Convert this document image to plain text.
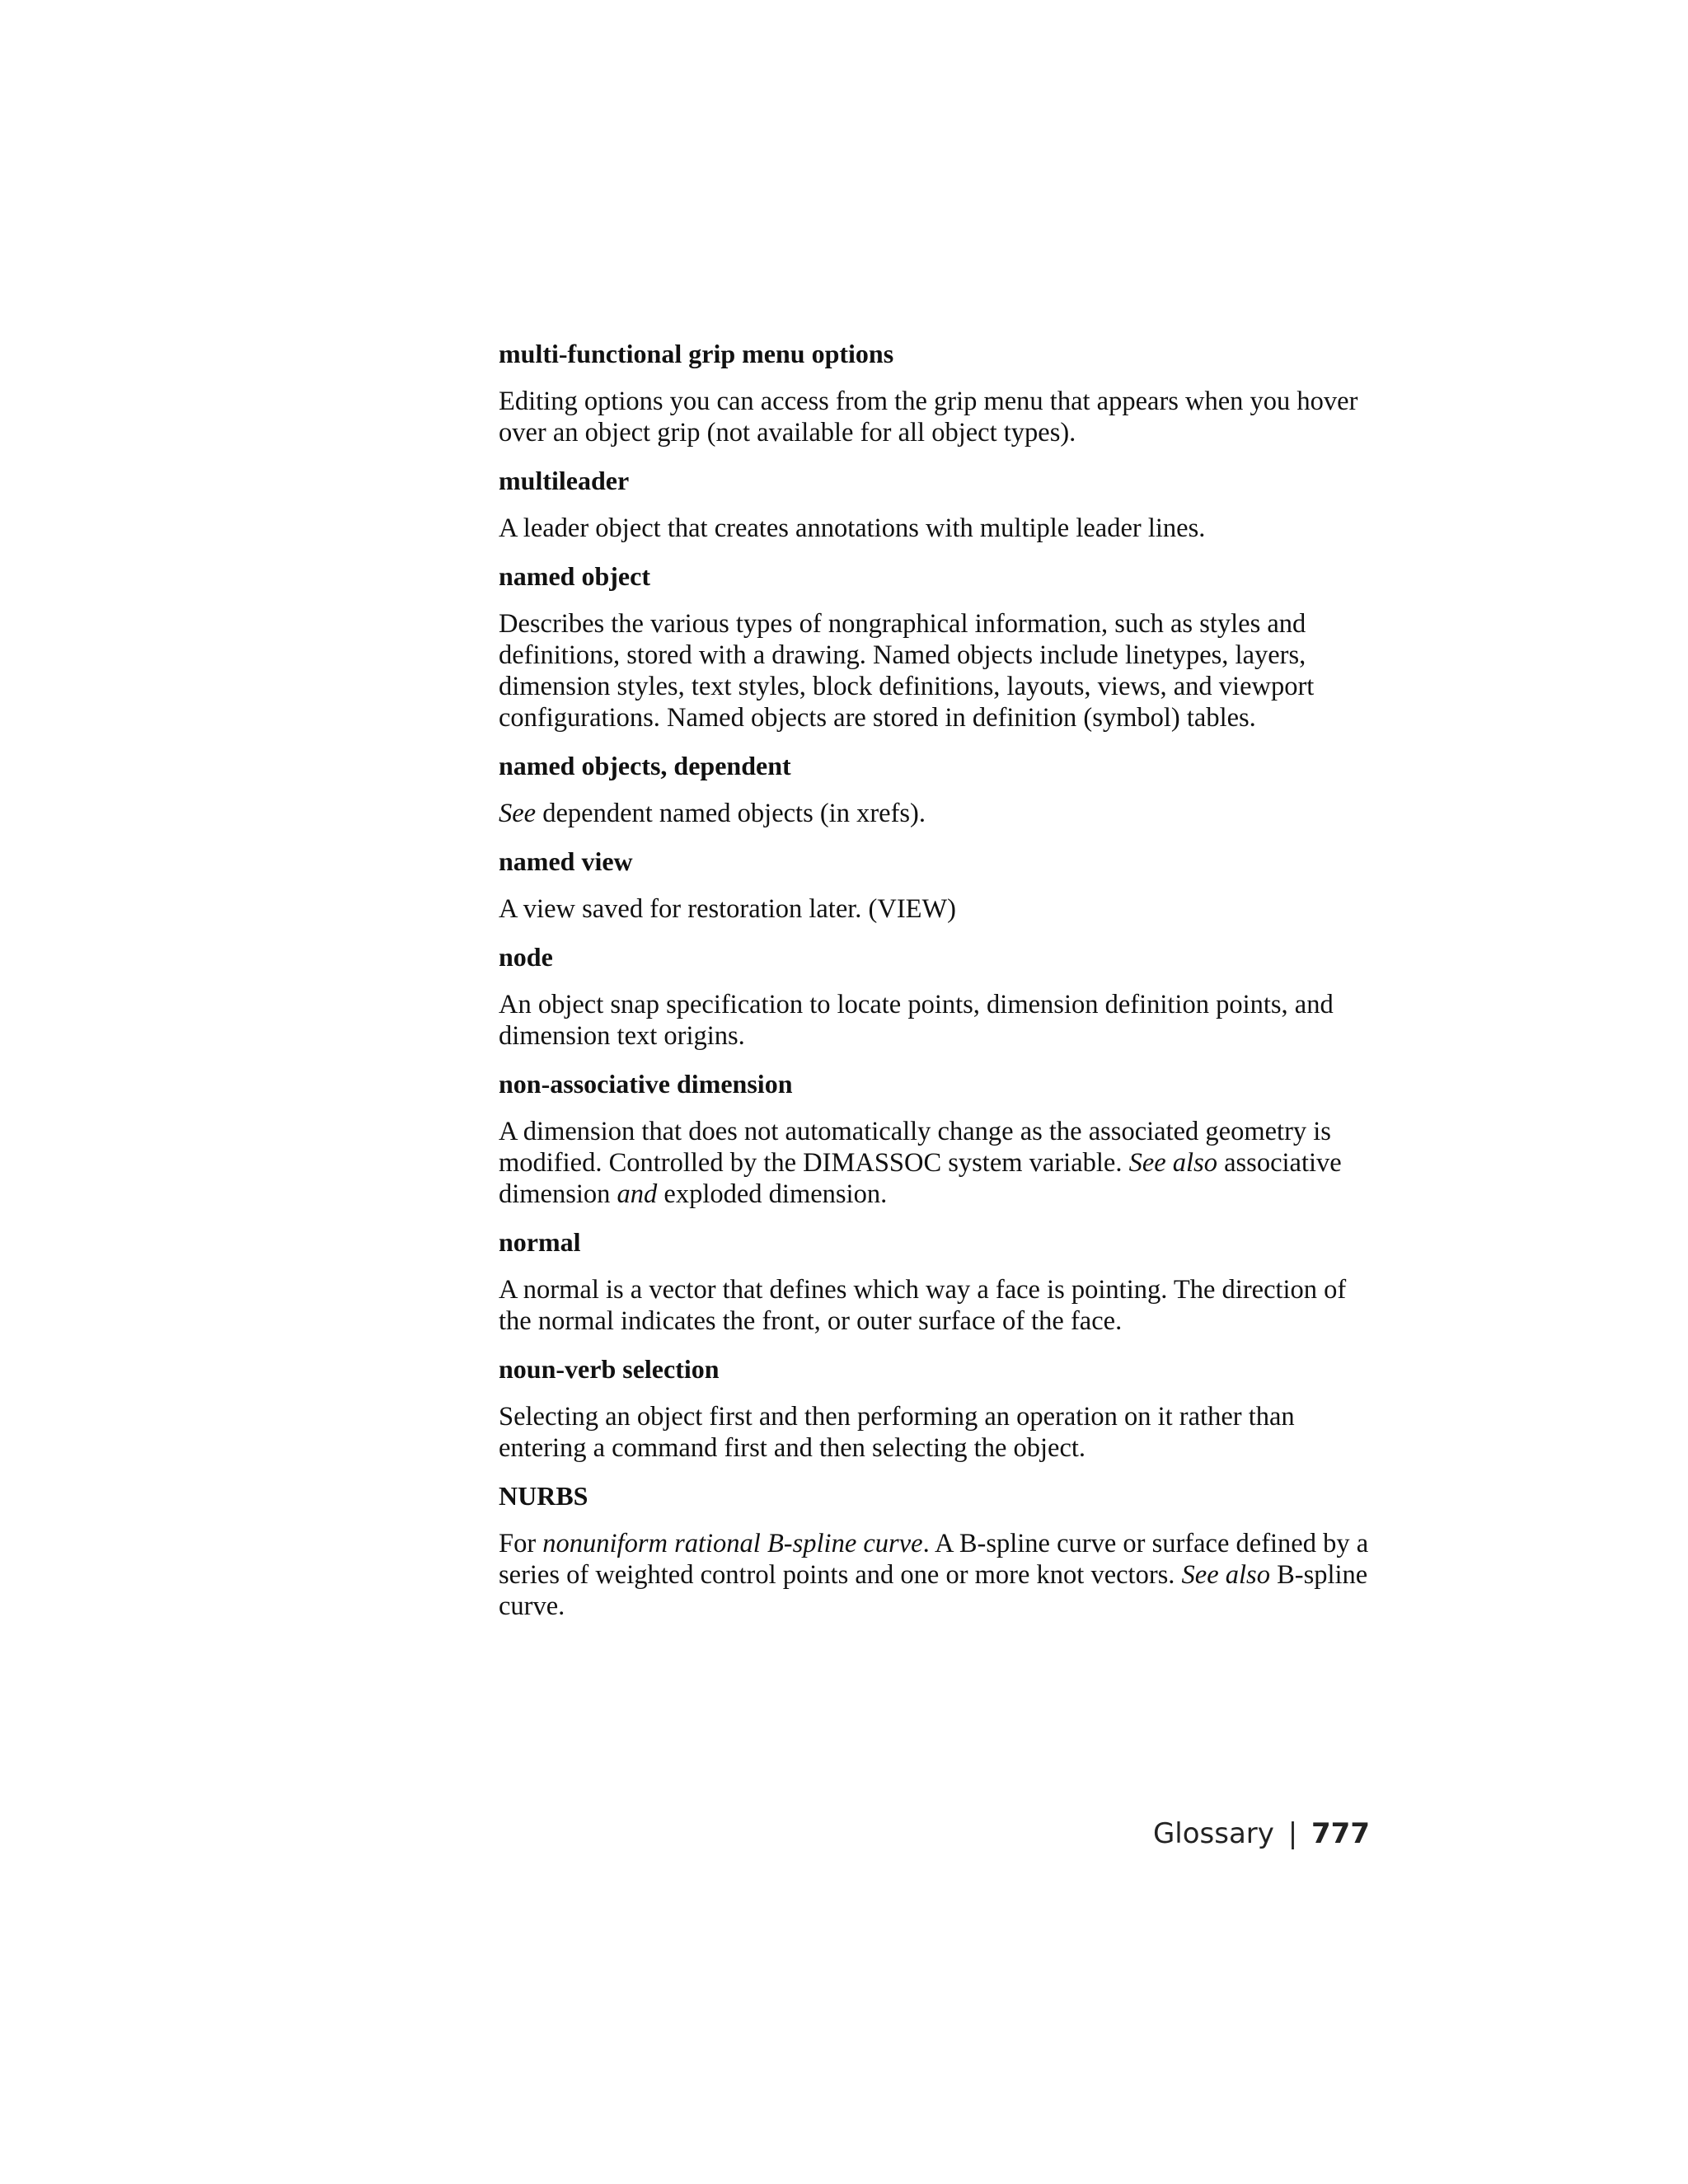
multi-functional grip menu options

Editing options you can access from the grip menu that appears when you hover over an object grip (not available for all object types).

multileader

A leader object that creates annotations with multiple leader lines.

named object

Describes the various types of nongraphical information, such as styles and definitions, stored with a drawing. Named objects include linetypes, layers, dimension styles, text styles, block definitions, layouts, views, and viewport configurations. Named objects are stored in definition (symbol) tables.

named objects, dependent

See dependent named objects (in xrefs).

named view

A view saved for restoration later. (VIEW)

node

An object snap specification to locate points, dimension definition points, and dimension text origins.

non-associative dimension

A dimension that does not automatically change as the associated geometry is modified. Controlled by the DIMASSOC system variable. See also associative dimension and exploded dimension.

normal

A normal is a vector that defines which way a face is pointing. The direction of the normal indicates the front, or outer surface of the face.

noun-verb selection

Selecting an object first and then performing an operation on it rather than entering a command first and then selecting the object.

NURBS

For nonuniform rational B-spline curve. A B-spline curve or surface defined by a series of weighted control points and one or more knot vectors. See also B-spline curve.

Glossary | 777
